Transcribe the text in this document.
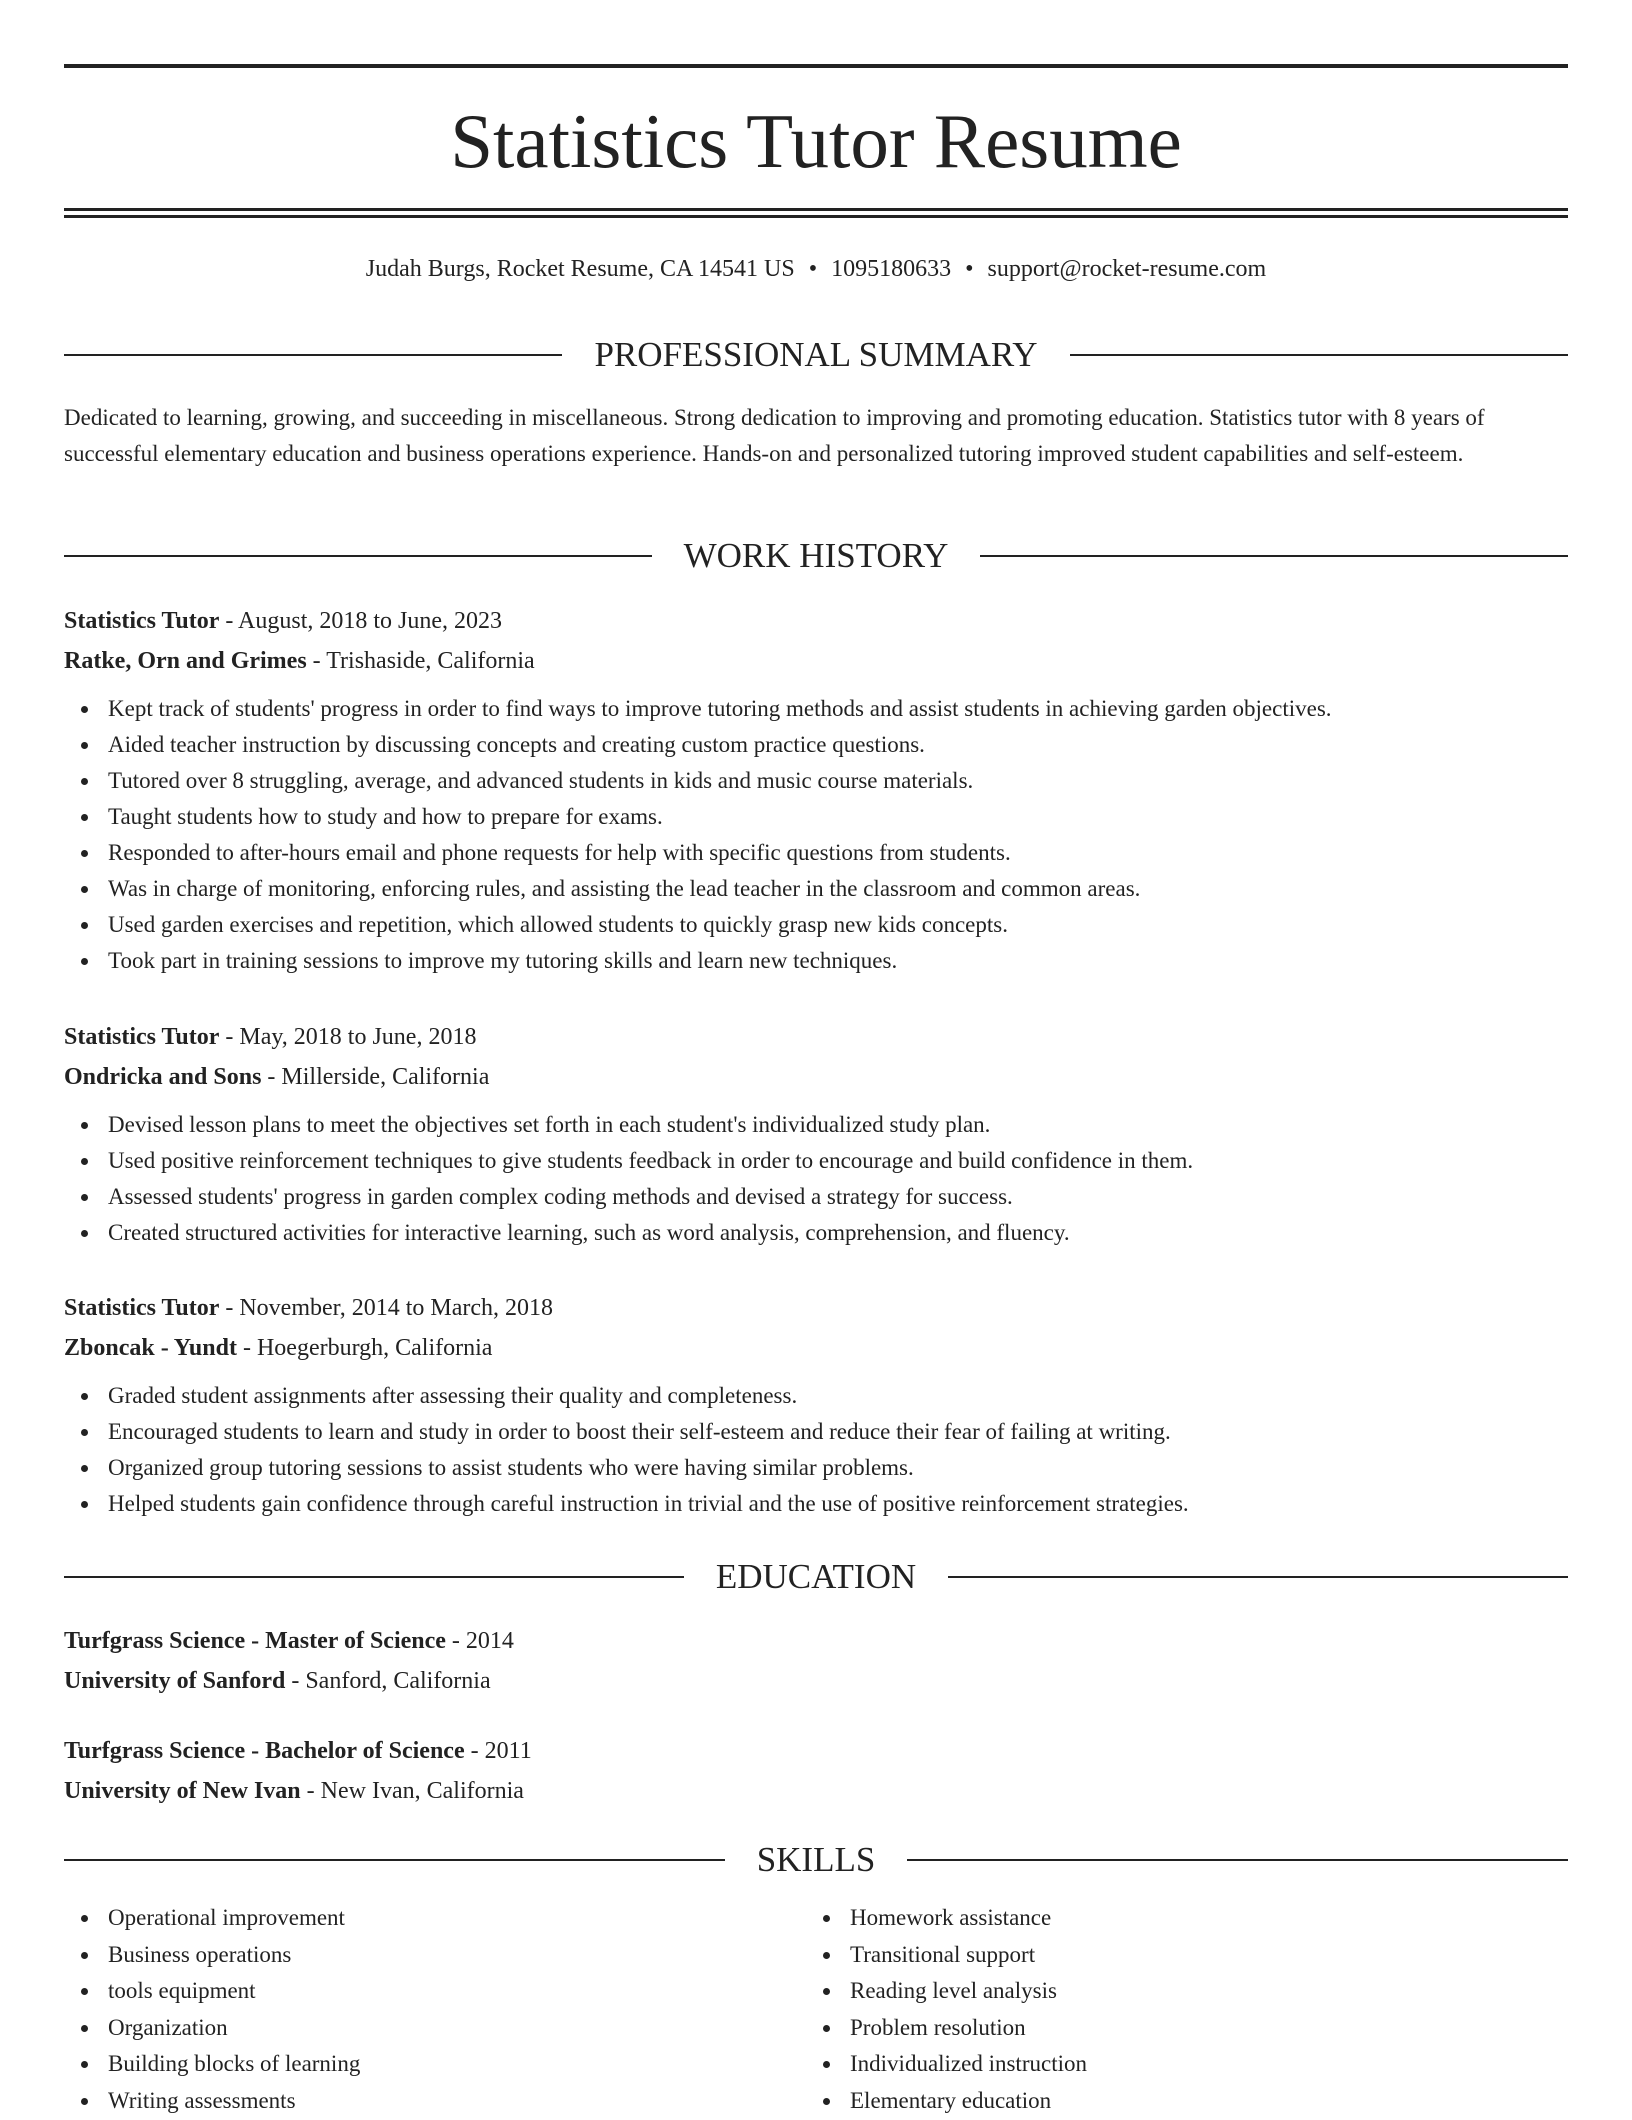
Statistics Tutor Resume
Judah Burgs, Rocket Resume, CA 14541 US • 1095180633 • support@rocket-resume.com
PROFESSIONAL SUMMARY

Dedicated to learning, growing, and succeeding in miscellaneous. Strong dedication to improving and promoting education. Statistics tutor with 8 years of successful elementary education and business operations experience. Hands-on and personalized tutoring improved student capabilities and self-esteem.

WORK HISTORY
Statistics Tutor - August, 2018 to June, 2023
Ratke, Orn and Grimes - Trishaside, California
Kept track of students' progress in order to find ways to improve tutoring methods and assist students in achieving garden objectives.
Aided teacher instruction by discussing concepts and creating custom practice questions.
Tutored over 8 struggling, average, and advanced students in kids and music course materials.
Taught students how to study and how to prepare for exams.
Responded to after-hours email and phone requests for help with specific questions from students.
Was in charge of monitoring, enforcing rules, and assisting the lead teacher in the classroom and common areas.
Used garden exercises and repetition, which allowed students to quickly grasp new kids concepts.
Took part in training sessions to improve my tutoring skills and learn new techniques.
Statistics Tutor - May, 2018 to June, 2018
Ondricka and Sons - Millerside, California
Devised lesson plans to meet the objectives set forth in each student's individualized study plan.
Used positive reinforcement techniques to give students feedback in order to encourage and build confidence in them.
Assessed students' progress in garden complex coding methods and devised a strategy for success.
Created structured activities for interactive learning, such as word analysis, comprehension, and fluency.
Statistics Tutor - November, 2014 to March, 2018
Zboncak - Yundt - Hoegerburgh, California
Graded student assignments after assessing their quality and completeness.
Encouraged students to learn and study in order to boost their self-esteem and reduce their fear of failing at writing.
Organized group tutoring sessions to assist students who were having similar problems.
Helped students gain confidence through careful instruction in trivial and the use of positive reinforcement strategies.
EDUCATION
Turfgrass Science - Master of Science - 2014
University of Sanford - Sanford, California
Turfgrass Science - Bachelor of Science - 2011
University of New Ivan - New Ivan, California
SKILLS
Operational improvement
Business operations
tools equipment
Organization
Building blocks of learning
Writing assessments
Homework assistance
Transitional support
Reading level analysis
Problem resolution
Individualized instruction
Elementary education
